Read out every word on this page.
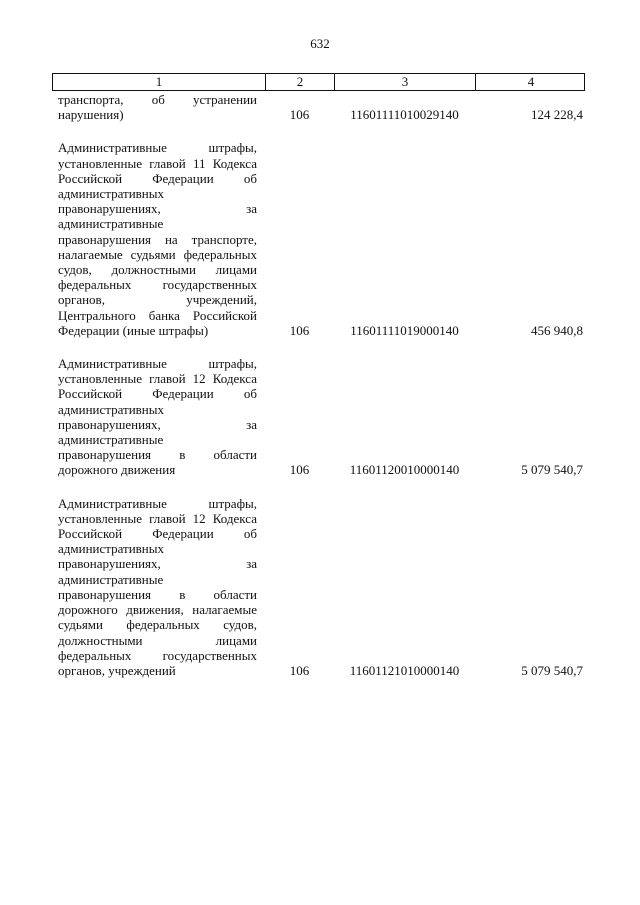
632
1	2	3	4
транспорта, об устранении нарушения)	106	11601111010029140	124 228,4
Административные штрафы, установленные главой 11 Кодекса Российской Федерации об административных правонарушениях, за административные правонарушения на транспорте, налагаемые судьями федеральных судов, должностными лицами федеральных государственных органов, учреждений, Центрального банка Российской Федерации (иные штрафы)	106	11601111019000140	456 940,8
Административные штрафы, установленные главой 12 Кодекса Российской Федерации об административных правонарушениях, за административные правонарушения в области дорожного движения	106	11601120010000140	5 079 540,7
Административные штрафы, установленные главой 12 Кодекса Российской Федерации об административных правонарушениях, за административные правонарушения в области дорожного движения, налагаемые судьями федеральных судов, должностными лицами федеральных государственных органов, учреждений	106	11601121010000140	5 079 540,7
